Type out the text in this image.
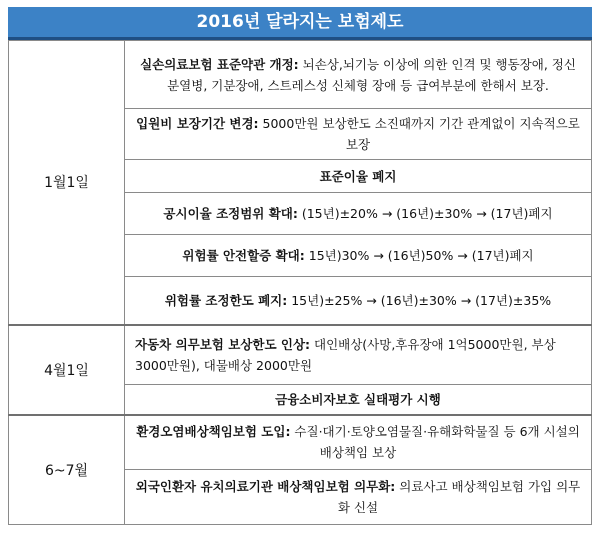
2016년 달라지는 보험제도
1월1일	실손의료보험 표준약관 개정: 뇌손상,뇌기능 이상에 의한 인격 및 행동장애, 정신분열병, 기분장애, 스트레스성 신체형 장애 등 급여부분에 한해서 보장.
	입원비 보장기간 변경: 5000만원 보상한도 소진때까지 기간 관계없이 지속적으로 보장
	표준이율 폐지
	공시이율 조정범위 확대: (15년)±20% → (16년)±30% → (17년)폐지
	위험률 안전할증 확대: 15년)30% → (16년)50% → (17년)폐지
	위험률 조정한도 폐지: 15년)±25% → (16년)±30% → (17년)±35%
4월1일	자동차 의무보험 보상한도 인상: 대인배상(사망,후유장애 1억5000만원, 부상 3000만원), 대물배상 2000만원
	금융소비자보호 실태평가 시행
6~7월	환경오염배상책임보험 도입: 수질·대기·토양오염물질·유해화학물질 등 6개 시설의 배상책임 보상
	외국인환자 유치의료기관 배상책임보험 의무화: 의료사고 배상책임보험 가입 의무화 신설
